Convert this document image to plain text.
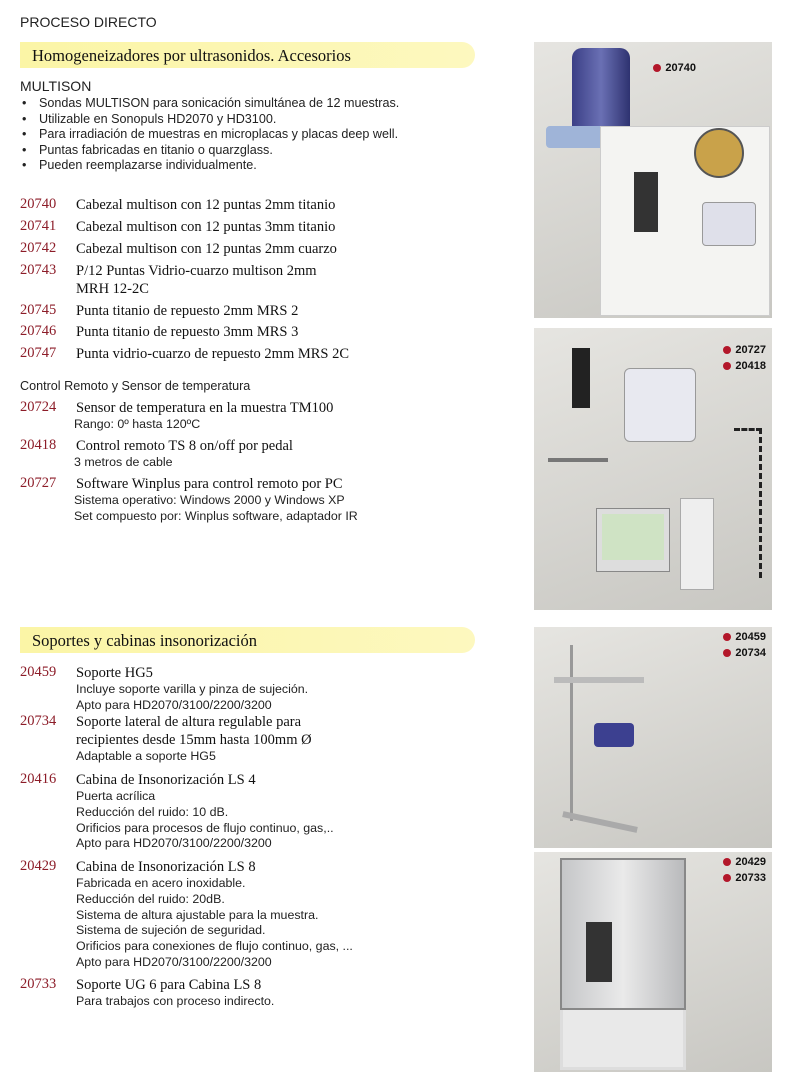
PROCESO DIRECTO
Homogeneizadores por ultrasonidos. Accesorios
MULTISON
• Sondas MULTISON para sonicación simultánea de 12 muestras.
• Utilizable en Sonopuls HD2070 y HD3100.
• Para irradiación de muestras en microplacas y placas deep well.
• Puntas fabricadas en titanio o quarzglass.
• Pueden reemplazarse individualmente.
20740 Cabezal multison con 12 puntas 2mm titanio
20741 Cabezal multison con 12 puntas 3mm titanio
20742 Cabezal multison con 12 puntas 2mm cuarzo
20743 P/12 Puntas Vidrio-cuarzo multison 2mm
MRH 12-2C
20745 Punta titanio de repuesto 2mm MRS 2
20746 Punta titanio de repuesto 3mm MRS 3
20747 Punta vidrio-cuarzo de repuesto 2mm MRS 2C
Control Remoto y Sensor de temperatura
20724 Sensor de temperatura en la muestra TM100
Rango: 0º hasta 120ºC
20418 Control remoto TS 8 on/off por pedal
3 metros de cable
20727 Software Winplus para control remoto por PC
Sistema operativo: Windows 2000 y Windows XP
Set compuesto por: Winplus software, adaptador IR
Soportes y cabinas insonorización
20459 Soporte HG5
Incluye soporte varilla y pinza de sujeción.
Apto para HD2070/3100/2200/3200
20734 Soporte lateral de altura regulable para
recipientes desde 15mm hasta 100mm Ø
Adaptable a soporte HG5
20416 Cabina de Insonorización LS 4
Puerta acrílica
Reducción del ruido: 10 dB.
Orificios para procesos de flujo continuo, gas,..
Apto para HD2070/3100/2200/3200
20429 Cabina de Insonorización LS 8
Fabricada en acero inoxidable.
Reducción del ruido: 20dB.
Sistema de altura ajustable para la muestra.
Sistema de sujeción de seguridad.
Orificios para conexiones de flujo continuo, gas, ...
Apto para HD2070/3100/2200/3200
20733 Soporte UG 6 para Cabina LS 8
Para trabajos con proceso indirecto.
20740
20727
20418
20459
20734
20429
20733
